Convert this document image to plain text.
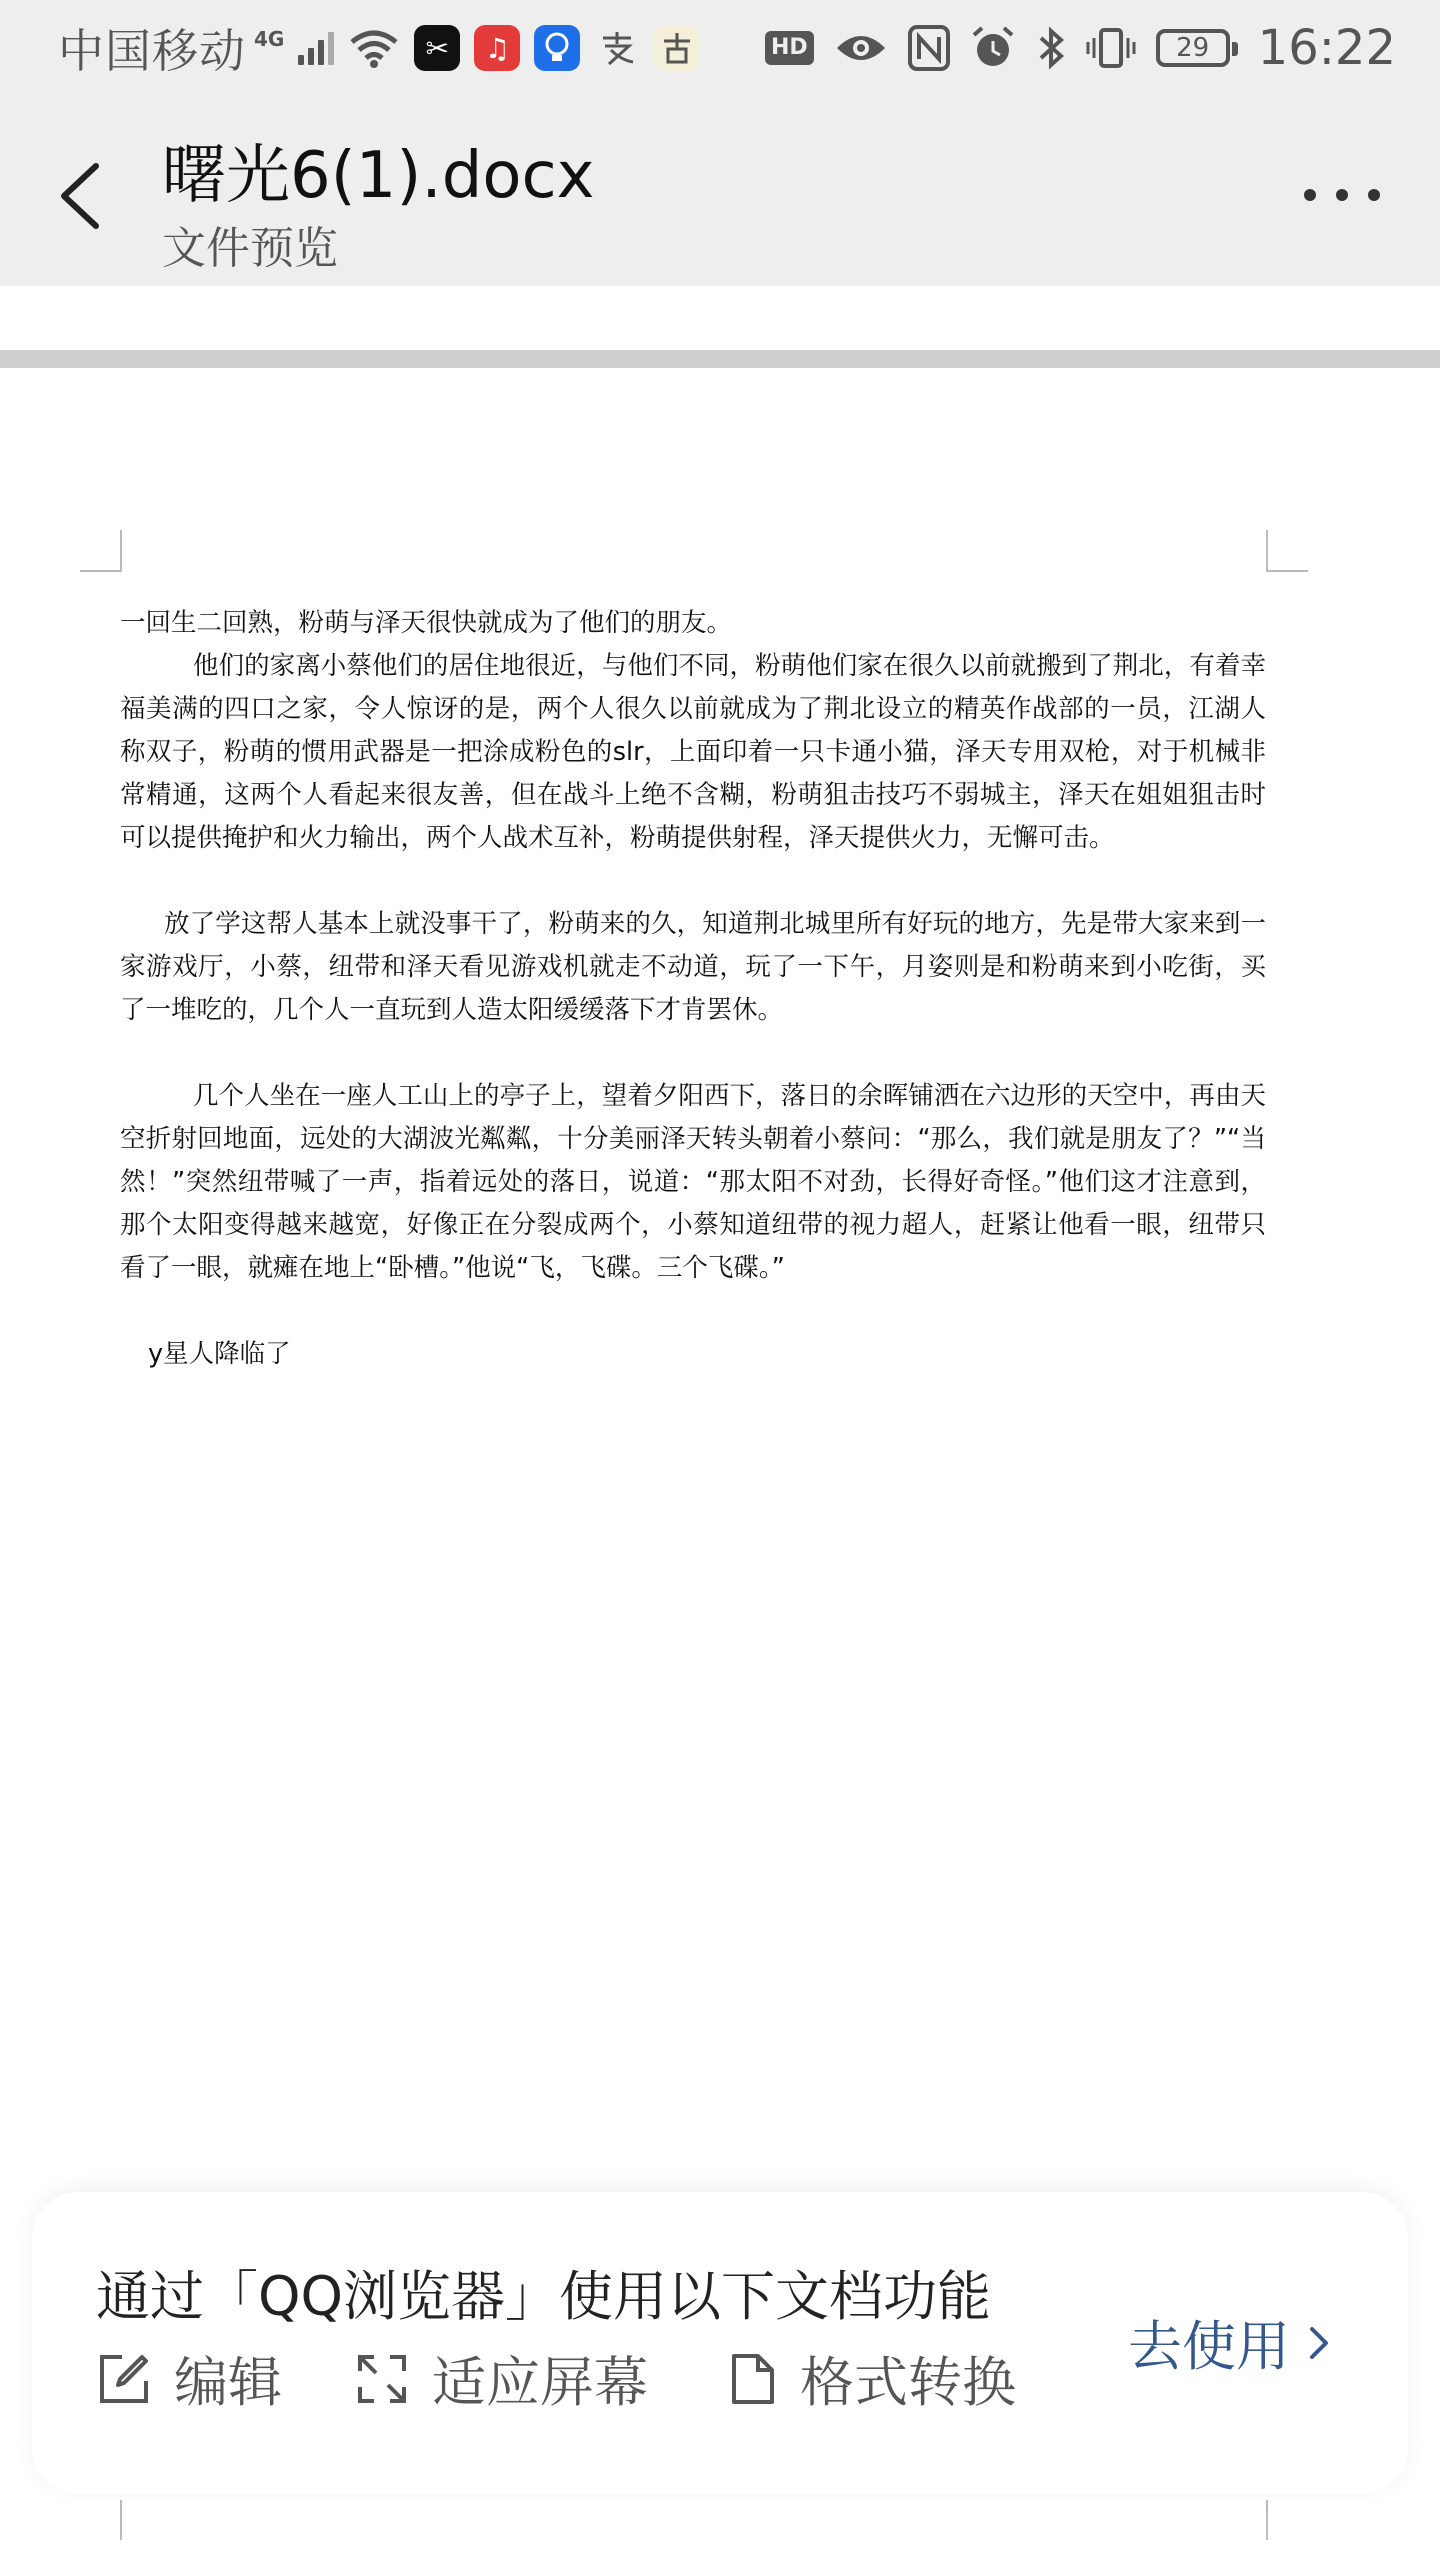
中国移动 4G	✂	♫	HD	29 16:22
曙光6(1).docx
文件预览

一回生二回熟，粉萌与泽天很快就成为了他们的朋友。

他们的家离小蔡他们的居住地很近，与他们不同，粉萌他们家在很久以前就搬到了荆北，有着幸福美满的四口之家，令人惊讶的是，两个人很久以前就成为了荆北设立的精英作战部的一员，江湖人称双子，粉萌的惯用武器是一把涂成粉色的slr，上面印着一只卡通小猫，泽天专用双枪，对于机械非常精通，这两个人看起来很友善，但在战斗上绝不含糊，粉萌狙击技巧不弱城主，泽天在姐姐狙击时可以提供掩护和火力输出，两个人战术互补，粉萌提供射程，泽天提供火力，无懈可击。

放了学这帮人基本上就没事干了，粉萌来的久，知道荆北城里所有好玩的地方，先是带大家来到一家游戏厅，小蔡，纽带和泽天看见游戏机就走不动道，玩了一下午，月姿则是和粉萌来到小吃街，买了一堆吃的，几个人一直玩到人造太阳缓缓落下才肯罢休。

几个人坐在一座人工山上的亭子上，望着夕阳西下，落日的余晖铺洒在六边形的天空中，再由天空折射回地面，远处的大湖波光粼粼，十分美丽泽天转头朝着小蔡问：“那么，我们就是朋友了？”“当然！”突然纽带喊了一声，指着远处的落日，说道：“那太阳不对劲，长得好奇怪。”他们这才注意到，那个太阳变得越来越宽，好像正在分裂成两个，小蔡知道纽带的视力超人，赶紧让他看一眼，纽带只看了一眼，就瘫在地上“卧槽。”他说“飞，飞碟。三个飞碟。”

y星人降临了

通过「QQ浏览器」使用以下文档功能
编辑	适应屏幕	格式转换
去使用
